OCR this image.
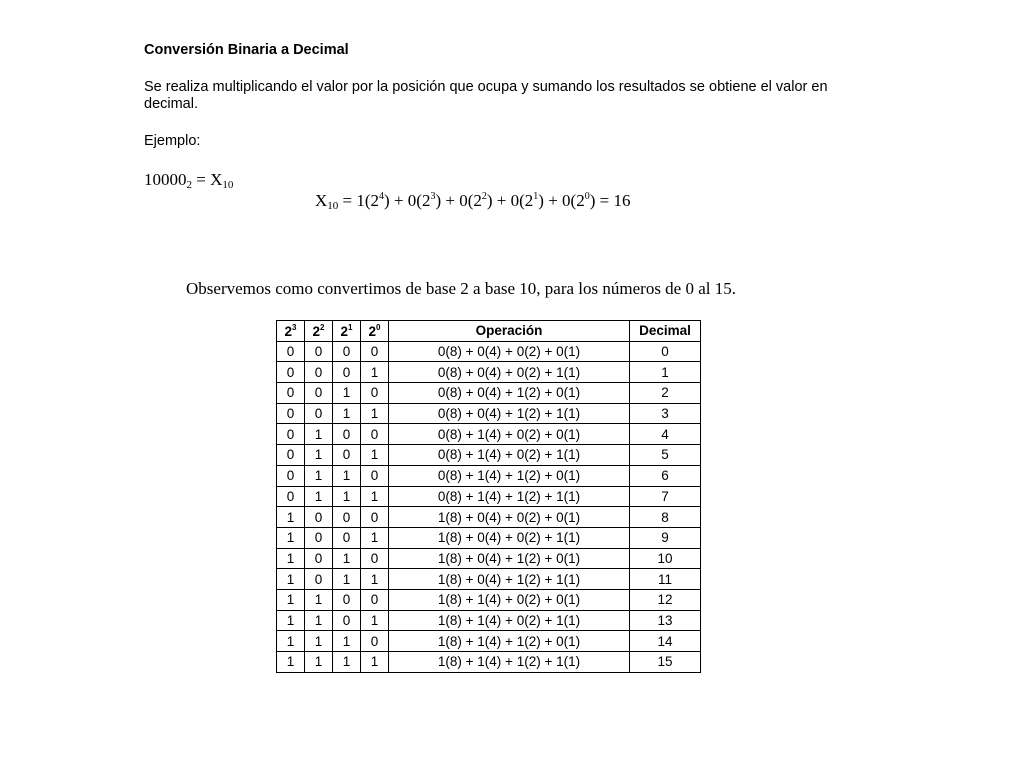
Conversión Binaria a Decimal

Se realiza multiplicando el valor por la posición que ocupa y sumando los resultados se obtiene el valor en decimal.

Ejemplo:
$10000_2 = X_{10}$
$X_{10} = 1(2^4) + 0(2^3) + 0(2^2) + 0(2^1) + 0(2^0) = 16$
Observemos como convertimos de base 2 a base 10, para los números de 0 al 15.
$2^3$	$2^2$	$2^1$	$2^0$	Operación	Decimal
0	0	0	0	0(8) + 0(4) + 0(2) + 0(1)	0
0	0	0	1	0(8) + 0(4) + 0(2) + 1(1)	1
0	0	1	0	0(8) + 0(4) + 1(2) + 0(1)	2
0	0	1	1	0(8) + 0(4) + 1(2) + 1(1)	3
0	1	0	0	0(8) + 1(4) + 0(2) + 0(1)	4
0	1	0	1	0(8) + 1(4) + 0(2) + 1(1)	5
0	1	1	0	0(8) + 1(4) + 1(2) + 0(1)	6
0	1	1	1	0(8) + 1(4) + 1(2) + 1(1)	7
1	0	0	0	1(8) + 0(4) + 0(2) + 0(1)	8
1	0	0	1	1(8) + 0(4) + 0(2) + 1(1)	9
1	0	1	0	1(8) + 0(4) + 1(2) + 0(1)	10
1	0	1	1	1(8) + 0(4) + 1(2) + 1(1)	11
1	1	0	0	1(8) + 1(4) + 0(2) + 0(1)	12
1	1	0	1	1(8) + 1(4) + 0(2) + 1(1)	13
1	1	1	0	1(8) + 1(4) + 1(2) + 0(1)	14
1	1	1	1	1(8) + 1(4) + 1(2) + 1(1)	15
